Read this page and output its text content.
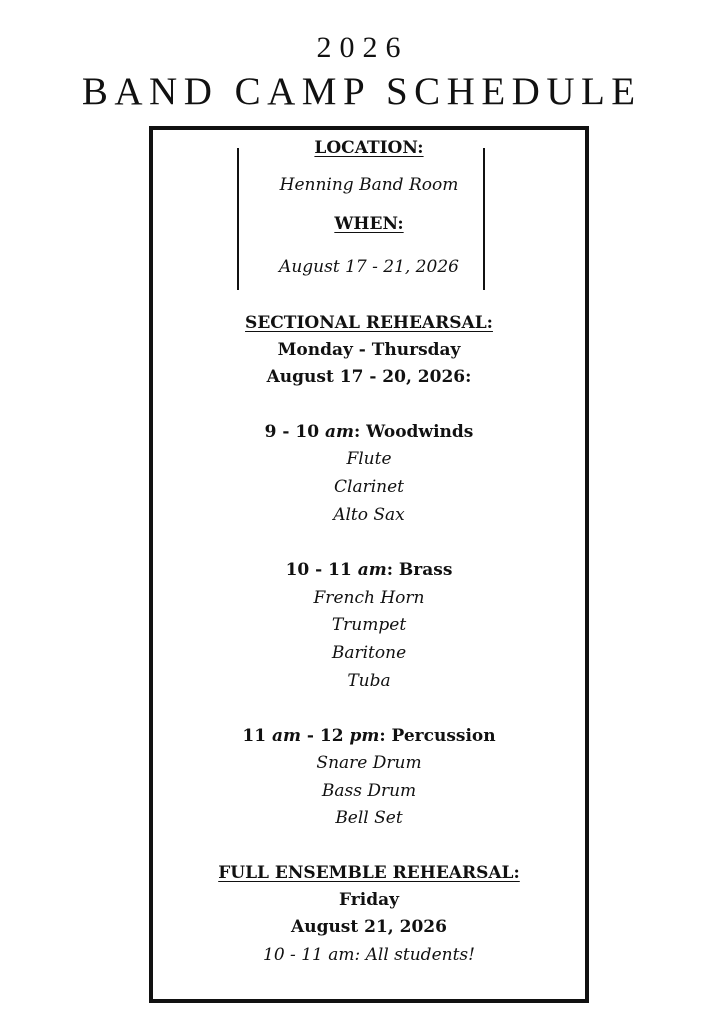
2026
BAND CAMP SCHEDULE
LOCATION:
Henning Band Room
WHEN:
August 17 - 21, 2026
SECTIONAL REHEARSAL:
Monday - Thursday
August 17 - 20, 2026:
9 - 10 am: Woodwinds
Flute
Clarinet
Alto Sax
10 - 11 am: Brass
French Horn
Trumpet
Baritone
Tuba
11 am - 12 pm: Percussion
Snare Drum
Bass Drum
Bell Set
FULL ENSEMBLE REHEARSAL:
Friday
August 21, 2026
10 - 11 am: All students!
